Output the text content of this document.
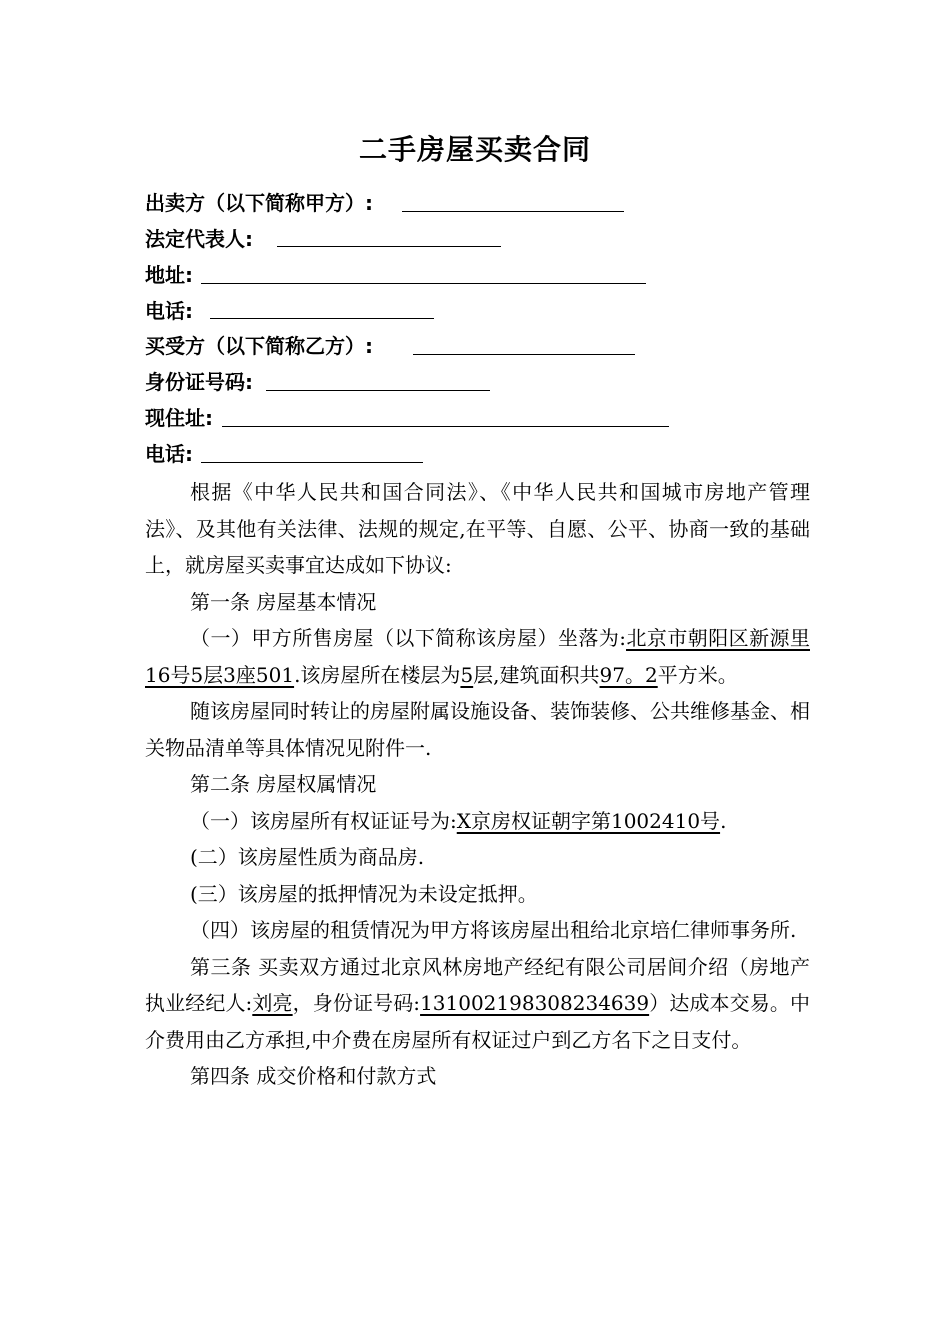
二手房屋买卖合同
出卖方（以下简称甲方）:
法定代表人:
地址:
电话:
买受方（以下简称乙方）:
身份证号码:
现住址:
电话:

根据《中华人民共和国合同法》、《中华人民共和国城市房地产管理法》、及其他有关法律、法规的规定,在平等、自愿、公平、协商一致的基础上，就房屋买卖事宜达成如下协议:

第一条 房屋基本情况

（一）甲方所售房屋（以下简称该房屋）坐落为:北京市朝阳区新源里16号5层3座501.该房屋所在楼层为5层,建筑面积共97。2平方米。

随该房屋同时转让的房屋附属设施设备、装饰装修、公共维修基金、相关物品清单等具体情况见附件一.

第二条 房屋权属情况

（一）该房屋所有权证证号为:X京房权证朝字第1002410号.

(二）该房屋性质为商品房.

(三）该房屋的抵押情况为未设定抵押。

（四）该房屋的租赁情况为甲方将该房屋出租给北京培仁律师事务所.

第三条 买卖双方通过北京风林房地产经纪有限公司居间介绍（房地产执业经纪人:刘亮，身份证号码:131002198308234639）达成本交易。中介费用由乙方承担,中介费在房屋所有权证过户到乙方名下之日支付。

第四条 成交价格和付款方式
